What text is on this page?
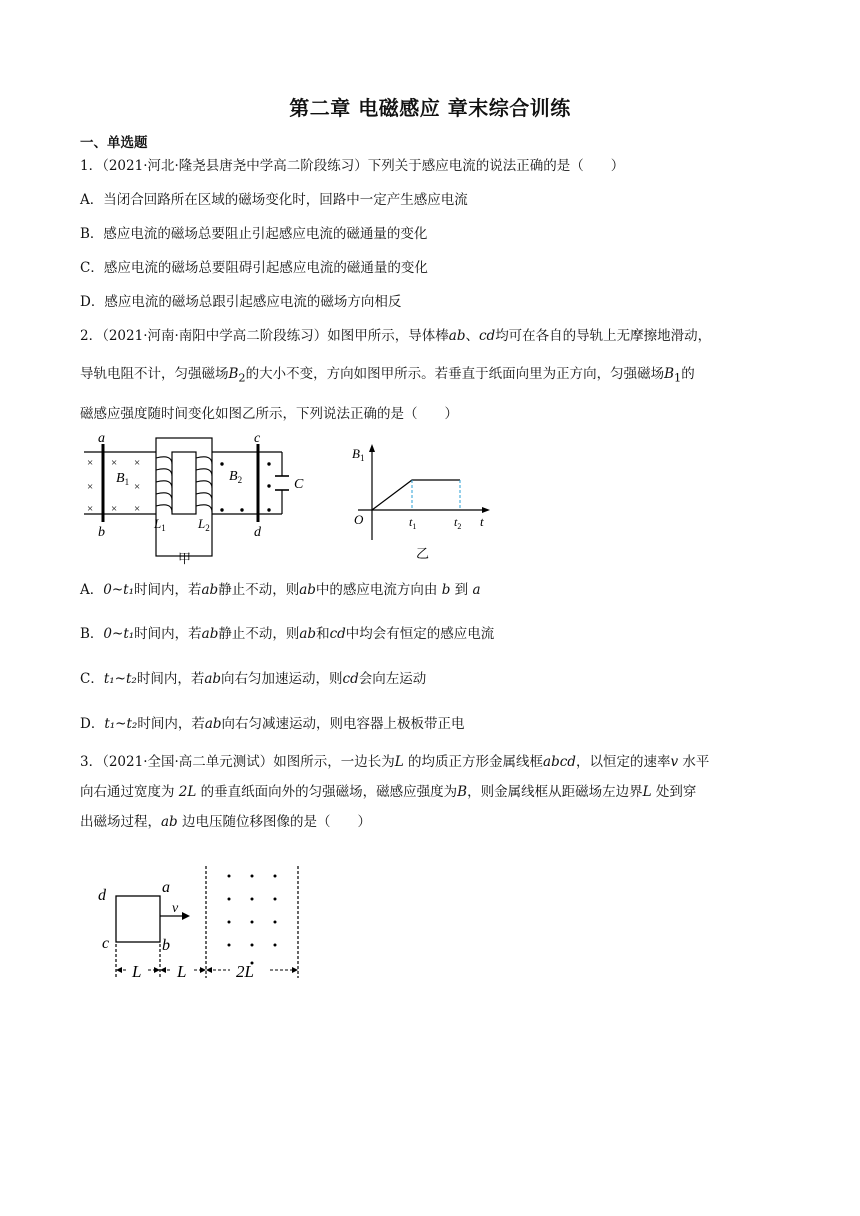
第二章 电磁感应 章末综合训练
一、单选题
1．（2021·河北·隆尧县唐尧中学高二阶段练习）下列关于感应电流的说法正确的是（　　）
A．当闭合回路所在区域的磁场变化时，回路中一定产生感应电流
B．感应电流的磁场总要阻止引起感应电流的磁通量的变化
C．感应电流的磁场总要阻碍引起感应电流的磁通量的变化
D．感应电流的磁场总跟引起感应电流的磁场方向相反
2．（2021·河南·南阳中学高二阶段练习）如图甲所示，导体棒ab、cd均可在各自的导轨上无摩擦地滑动，
导轨电阻不计，匀强磁场$B_2$的大小不变，方向如图甲所示。若垂直于纸面向里为正方向，匀强磁场$B_1$的
磁感应强度随时间变化如图乙所示，下列说法正确的是（　　）
C
×
×
×
×
×
×
×
×
a
b
$B_1$
$L_1$ $L_2$
$B_2$
c
d
甲
$B_1$
O	$t_1$	$t_2$ t
乙
A．0~t₁时间内，若ab静止不动，则ab中的感应电流方向由 b 到 a
B．0~t₁时间内，若ab静止不动，则ab和cd中均会有恒定的感应电流
C．t₁~t₂时间内，若ab向右匀加速运动，则cd会向左运动
D．t₁~t₂时间内，若ab向右匀减速运动，则电容器上极板带正电
3．（2021·全国·高二单元测试）如图所示，一边长为L 的均质正方形金属线框abcd，以恒定的速率v 水平
向右通过宽度为 2L 的垂直纸面向外的匀强磁场，磁感应强度为B，则金属线框从距磁场左边界L 处到穿
出磁场过程，ab 边电压随位移图像的是（　　）
d	a
c	b
v
L L	2L
